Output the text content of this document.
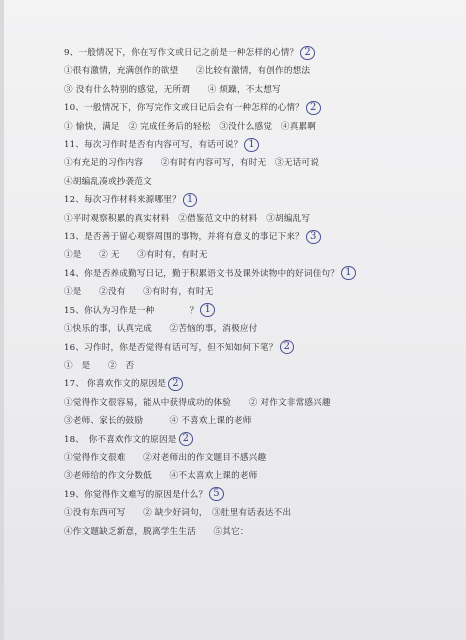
9、一般情况下，你在写作文或日记之前是一种怎样的心情？ 2
①很有激情，充满创作的欲望　　②比较有激情，有创作的想法
③ 没有什么特别的感觉，无所谓　　④ 烦躁，不太想写
10、一般情况下，你写完作文或日记后会有一种怎样的心情？ 2
① 愉快，满足　② 完成任务后的轻松　③没什么感觉　④真累啊
11、每次习作时是否有内容可写，有话可说？ 1
①有充足的习作内容　　②有时有内容可写，有时无　③无话可说
④胡编乱凑或抄袭范文
12、每次习作材料来源哪里？ 1
①平时观察积累的真实材料　②借鉴范文中的材料　③胡编乱写
13、是否善于留心观察周围的事物，并将有意义的事记下来？ 3
①是　　② 无　　③有时有，有时无
14、你是否养成勤写日记，勤于积累语文书及课外读物中的好词佳句？ 1
①是　　②没有　　③有时有，有时无
15、你认为习作是一种　　　　？ 1
①快乐的事，认真完成　　②苦恼的事，消极应付
16、习作时，你是否觉得有话可写，但不知如何下笔？ 2
①　是　　②　否
17、 你喜欢作文的原因是 2
①觉得作文很容易，能从中获得成功的体验　　② 对作文非常感兴趣
③老师、家长的鼓励　　　④ 不喜欢上课的老师
18、　你不喜欢作文的原因是 2
①觉得作文很难　　②对老师出的作文题目不感兴趣
③老师给的作文分数低　　④不太喜欢上课的老师
19、你觉得作文难写的原因是什么？ 5
①没有东西可写　　② 缺少好词句，　③肚里有话表达不出
④作文题缺乏新意，脱离学生生活　　⑤其它：
